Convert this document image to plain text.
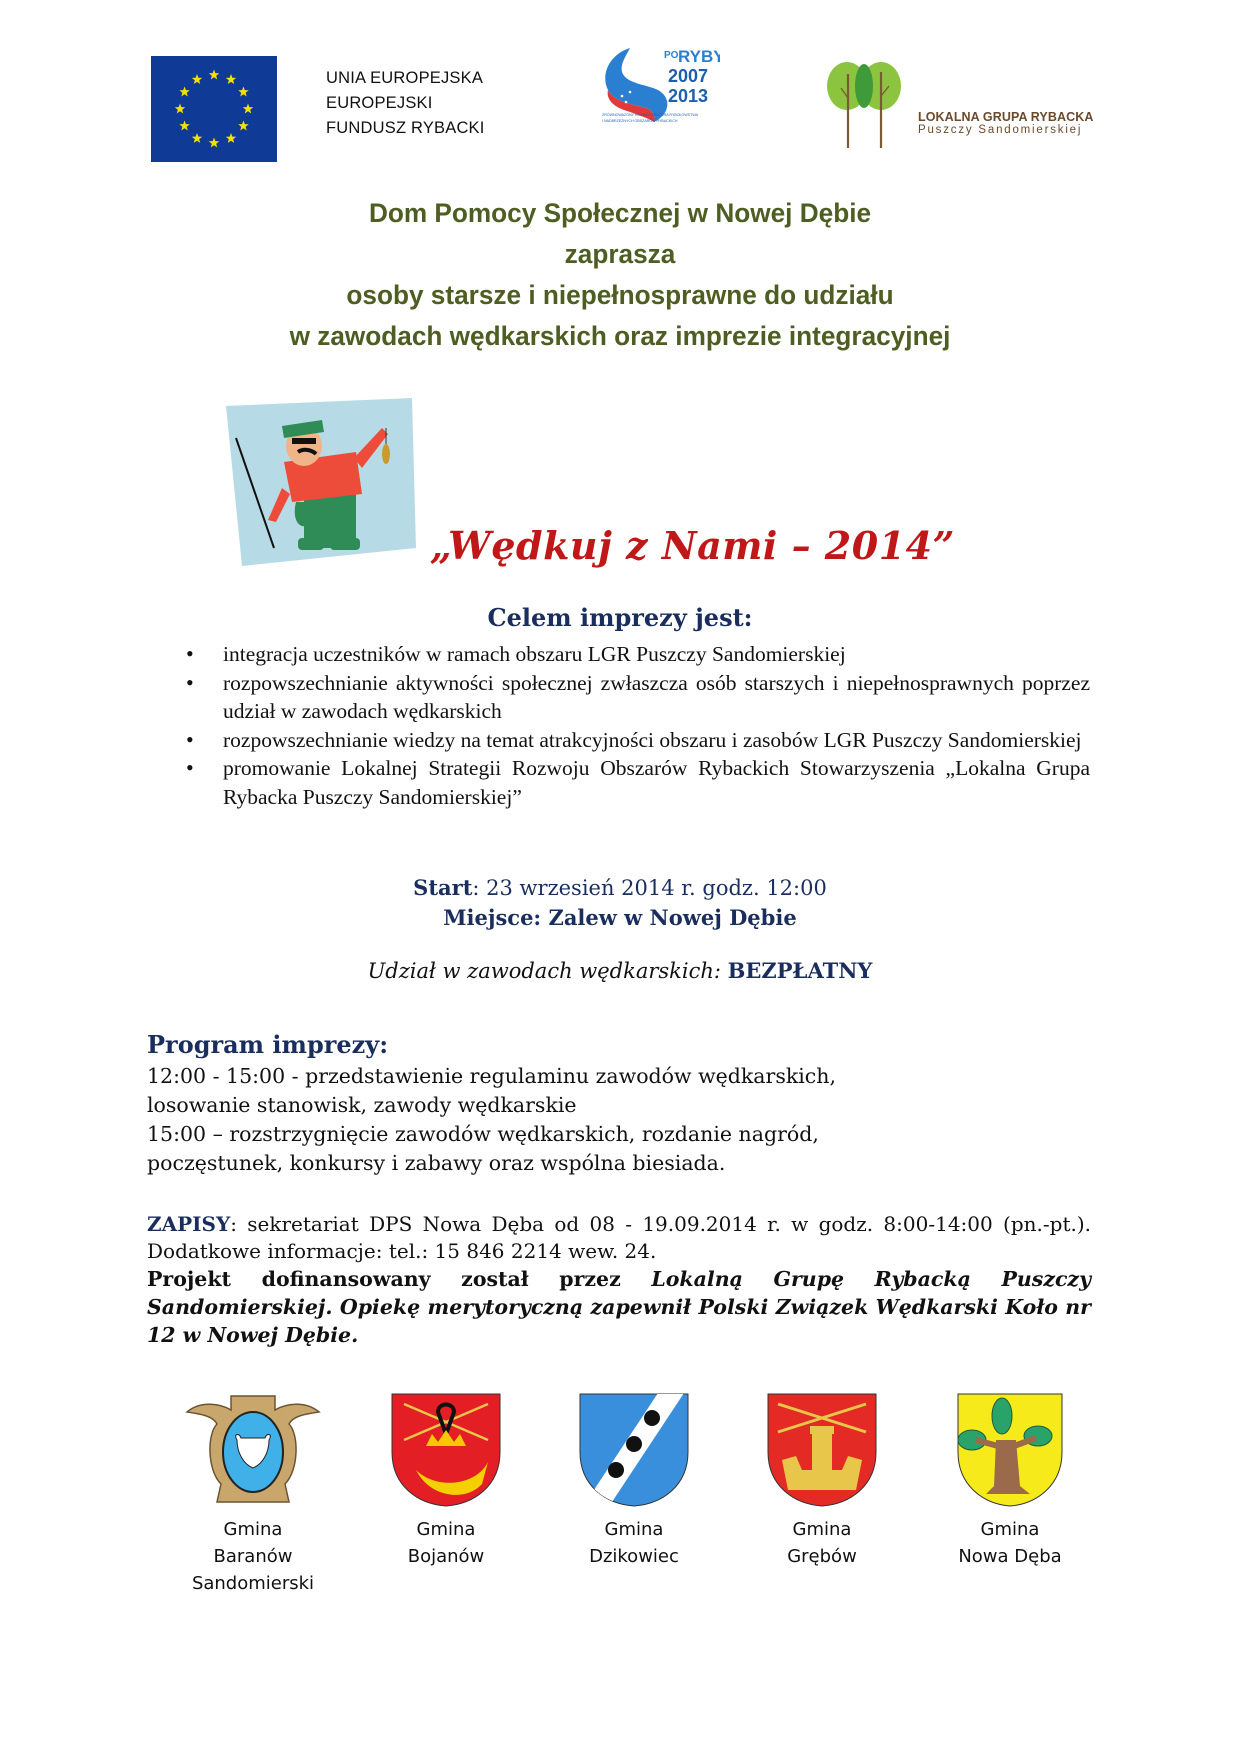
UNIA EUROPEJSKA
EUROPEJSKI
FUNDUSZ RYBACKI
PO RYBY
2007
2013
ZRÓWNOWAŻONY ROZWÓJ SEKTORA RYBOŁÓWSTWA
I NADBRZEŻNYCH OBSZARÓW RYBACKICH	LOKALNA GRUPA RYBACKA
Puszczy Sandomierskiej
Dom Pomocy Społecznej w Nowej Dębie
zaprasza
osoby starsze i niepełnosprawne do udziału
w zawodach wędkarskich oraz imprezie integracyjnej
„Wędkuj z Nami – 2014”
Celem imprezy jest:
• integracja uczestników w ramach obszaru LGR Puszczy Sandomierskiej
• rozpowszechnianie aktywności społecznej zwłaszcza osób starszych i niepełnosprawnych poprzez udział w zawodach wędkarskich
• rozpowszechnianie wiedzy na temat atrakcyjności obszaru i zasobów LGR Puszczy Sandomierskiej
• promowanie Lokalnej Strategii Rozwoju Obszarów Rybackich Stowarzyszenia „Lokalna Grupa Rybacka Puszczy Sandomierskiej”
Start: 23 wrzesień 2014 r. godz. 12:00
Miejsce: Zalew w Nowej Dębie
Udział w zawodach wędkarskich: BEZPŁATNY
Program imprezy:
12:00 - 15:00 - przedstawienie regulaminu zawodów wędkarskich,
losowanie stanowisk, zawody wędkarskie
15:00 – rozstrzygnięcie zawodów wędkarskich, rozdanie nagród,
poczęstunek, konkursy i zabawy oraz wspólna biesiada.
ZAPISY: sekretariat DPS Nowa Dęba od 08 - 19.09.2014 r. w godz. 8:00-14:00 (pn.-pt.). Dodatkowe informacje: tel.: 15 846 2214 wew. 24.
Projekt dofinansowany został przez Lokalną Grupę Rybacką Puszczy Sandomierskiej. Opiekę merytoryczną zapewnił Polski Związek Wędkarski Koło nr 12 w Nowej Dębie.
Gmina
Baranów Sandomierski
Gmina
Bojanów
Gmina
Dzikowiec
Gmina
Grębów
Gmina
Nowa Dęba
